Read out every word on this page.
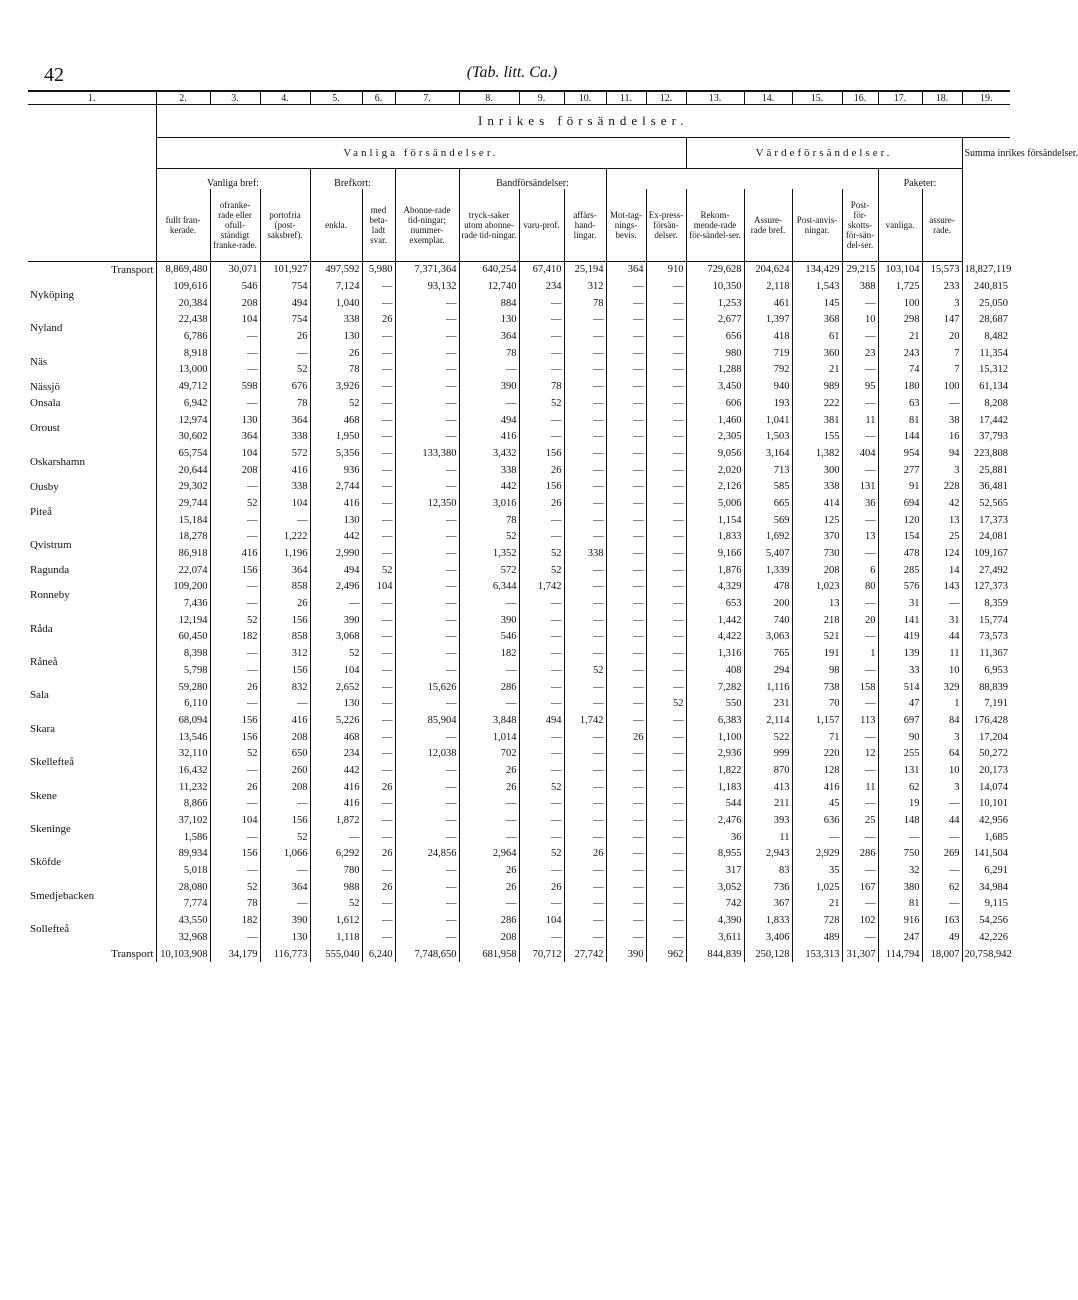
42	(Tab. litt. Ca.)
1.	2.	3.	4.	5.	6.	7.	8.	9.	10.	11.	12.	13.	14.	15.	16.	17.	18.	19.
	Inrikes försändelser.																	
	Vanliga försändelser.											Värdeförsändelser.						Summa inrikes försändelser.
	Vanliga bref:			Brefkort:			Bandförsändelser:									Paketer:		
	fullt fran-kerade.	ofranke-rade eller ofull-ständigt franke-rade.	portofria (post-saksbref).	enkla.	med beta-ladt svar.	Abonne-rade tid-ningar; nummer-exemplar.	tryck-saker utom abonne-rade tid-ningar.	varu-prof.	affärs-hand-lingar.	Mot-tag-nings-bevis.	Ex-press-försän-delser.	Rekom-mende-rade för-sändel-ser.	Assure-rade bref.	Post-anvis-ningar.	Post-för-skotts-för-sän-del-ser.	vanliga.	assure-rade.	
Transport	8,869,480	30,071	101,927	497,592	5,980	7,371,364	640,254	67,410	25,194	364	910	729,628	204,624	134,429	29,215	103,104	15,573	18,827,119
Nyköping	109,616	546	754	7,124	—	93,132	12,740	234	312	—	—	10,350	2,118	1,543	388	1,725	233	240,815
	20,384	208	494	1,040	—	—	884	—	78	—	—	1,253	461	145	—	100	3	25,050
Nyland	22,438	104	754	338	26	—	130	—	—	—	—	2,677	1,397	368	10	298	147	28,687
	6,786	—	26	130	—	—	364	—	—	—	—	656	418	61	—	21	20	8,482
Näs	8,918	—	—	26	—	—	78	—	—	—	—	980	719	360	23	243	7	11,354
	13,000	—	52	78	—	—	—	—	—	—	—	1,288	792	21	—	74	7	15,312
Nässjö	49,712	598	676	3,926	—	—	390	78	—	—	—	3,450	940	989	95	180	100	61,134
Onsala	6,942	—	78	52	—	—	—	52	—	—	—	606	193	222	—	63	—	8,208
Oroust	12,974	130	364	468	—	—	494	—	—	—	—	1,460	1,041	381	11	81	38	17,442
	30,602	364	338	1,950	—	—	416	—	—	—	—	2,305	1,503	155	—	144	16	37,793
Oskarshamn	65,754	104	572	5,356	—	133,380	3,432	156	—	—	—	9,056	3,164	1,382	404	954	94	223,808
	20,644	208	416	936	—	—	338	26	—	—	—	2,020	713	300	—	277	3	25,881
Ousby	29,302	—	338	2,744	—	—	442	156	—	—	—	2,126	585	338	131	91	228	36,481
Piteå	29,744	52	104	416	—	12,350	3,016	26	—	—	—	5,006	665	414	36	694	42	52,565
	15,184	—	—	130	—	—	78	—	—	—	—	1,154	569	125	—	120	13	17,373
Qvistrum	18,278	—	1,222	442	—	—	52	—	—	—	—	1,833	1,692	370	13	154	25	24,081
	86,918	416	1,196	2,990	—	—	1,352	52	338	—	—	9,166	5,407	730	—	478	124	109,167
Ragunda	22,074	156	364	494	52	—	572	52	—	—	—	1,876	1,339	208	6	285	14	27,492
Ronneby	109,200	—	858	2,496	104	—	6,344	1,742	—	—	—	4,329	478	1,023	80	576	143	127,373
	7,436	—	26	—	—	—	—	—	—	—	—	653	200	13	—	31	—	8,359
Råda	12,194	52	156	390	—	—	390	—	—	—	—	1,442	740	218	20	141	31	15,774
	60,450	182	858	3,068	—	—	546	—	—	—	—	4,422	3,063	521	—	419	44	73,573
Råneå	8,398	—	312	52	—	—	182	—	—	—	—	1,316	765	191	1	139	11	11,367
	5,798	—	156	104	—	—	—	—	52	—	—	408	294	98	—	33	10	6,953
Sala	59,280	26	832	2,652	—	15,626	286	—	—	—	—	7,282	1,116	738	158	514	329	88,839
	6,110	—	—	130	—	—	—	—	—	—	52	550	231	70	—	47	1	7,191
Skara	68,094	156	416	5,226	—	85,904	3,848	494	1,742	—	—	6,383	2,114	1,157	113	697	84	176,428
	13,546	156	208	468	—	—	1,014	—	—	26	—	1,100	522	71	—	90	3	17,204
Skellefteå	32,110	52	650	234	—	12,038	702	—	—	—	—	2,936	999	220	12	255	64	50,272
	16,432	—	260	442	—	—	26	—	—	—	—	1,822	870	128	—	131	10	20,173
Skene	11,232	26	208	416	26	—	26	52	—	—	—	1,183	413	416	11	62	3	14,074
	8,866	—	—	416	—	—	—	—	—	—	—	544	211	45	—	19	—	10,101
Skeninge	37,102	104	156	1,872	—	—	—	—	—	—	—	2,476	393	636	25	148	44	42,956
	1,586	—	52	—	—	—	—	—	—	—	—	36	11	—	—	—	—	1,685
Sköfde	89,934	156	1,066	6,292	26	24,856	2,964	52	26	—	—	8,955	2,943	2,929	286	750	269	141,504
	5,018	—	—	780	—	—	26	—	—	—	—	317	83	35	—	32	—	6,291
Smedjebacken	28,080	52	364	988	26	—	26	26	—	—	—	3,052	736	1,025	167	380	62	34,984
	7,774	78	—	52	—	—	—	—	—	—	—	742	367	21	—	81	—	9,115
Sollefteå	43,550	182	390	1,612	—	—	286	104	—	—	—	4,390	1,833	728	102	916	163	54,256
	32,968	—	130	1,118	—	—	208	—	—	—	—	3,611	3,406	489	—	247	49	42,226
Transport	10,103,908	34,179	116,773	555,040	6,240	7,748,650	681,958	70,712	27,742	390	962	844,839	250,128	153,313	31,307	114,794	18,007	20,758,942
